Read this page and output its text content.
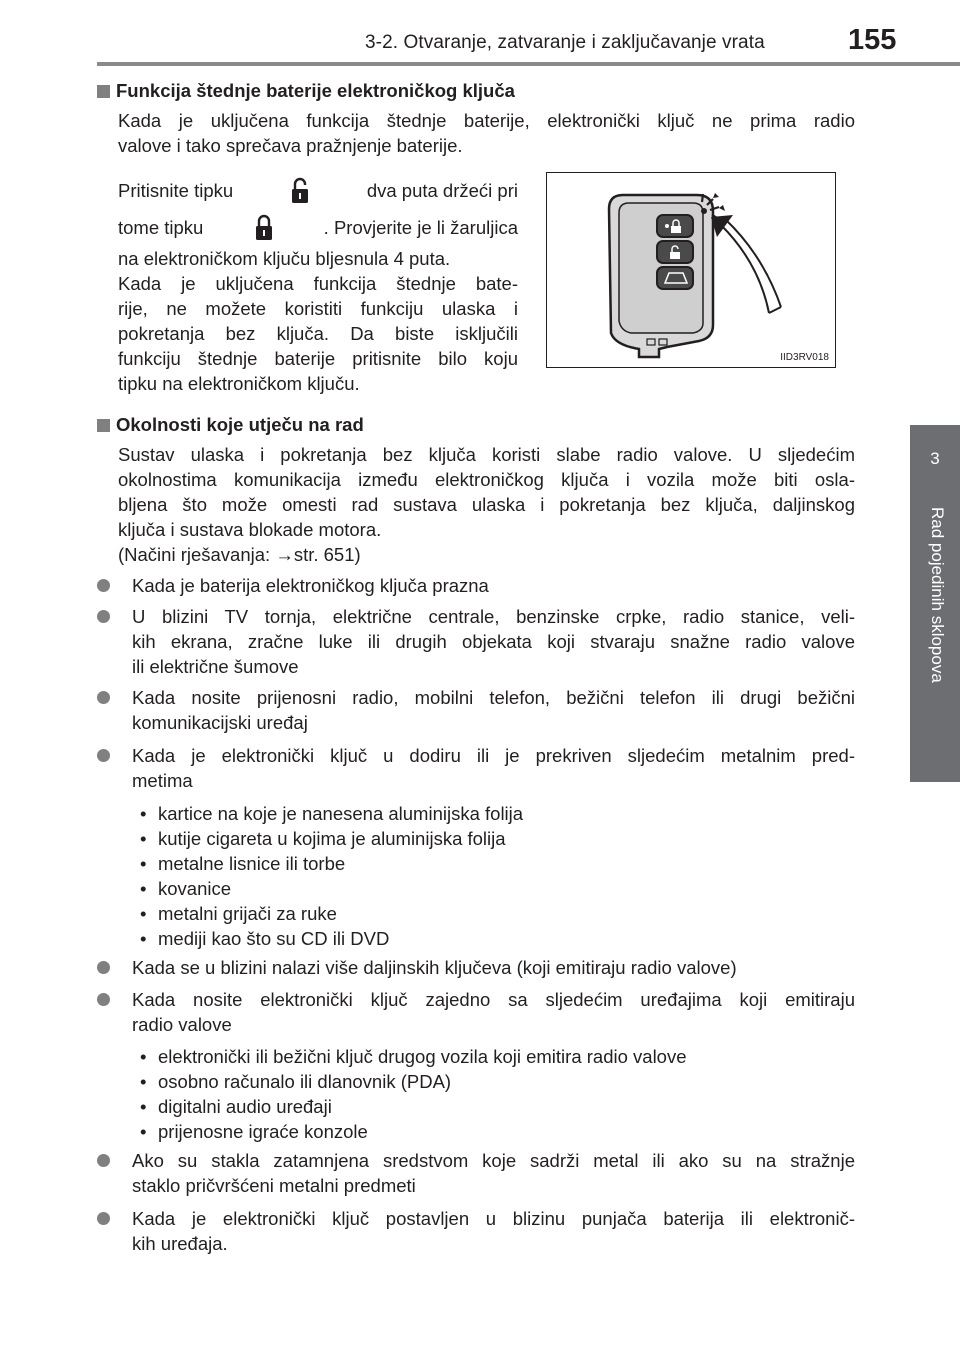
3-2. Otvaranje, zatvaranje i zaključavanje vrata	155
3
Rad pojedinih sklopova
Funkcija štednje baterije elektroničkog ključa
Kada je uključena funkcija štednje baterije, elektronički ključ ne prima radio
valove i tako sprečava pražnjenje baterije.
Pritisnite tipku	dva puta držeći pri
tome tipku	. Provjerite je li žaruljica
na elektroničkom ključu bljesnula 4 puta.
Kada je uključena funkcija štednje bate-
rije, ne možete koristiti funkciju ulaska i
pokretanja bez ključa. Da biste isključili
funkciju štednje baterije pritisnite bilo koju
tipku na elektroničkom ključu.
IID3RV018
Okolnosti koje utječu na rad
Sustav ulaska i pokretanja bez ključa koristi slabe radio valove. U sljedećim
okolnostima komunikacija između elektroničkog ključa i vozila može biti osla-
bljena što može omesti rad sustava ulaska i pokretanja bez ključa, daljinskog
ključa i sustava blokade motora.
(Načini rješavanja: →str. 651)
Kada je baterija elektroničkog ključa prazna
U blizini TV tornja, električne centrale, benzinske crpke, radio stanice, veli-
kih ekrana, zračne luke ili drugih objekata koji stvaraju snažne radio valove
ili električne šumove
Kada nosite prijenosni radio, mobilni telefon, bežični telefon ili drugi bežični
komunikacijski uređaj
Kada je elektronički ključ u dodiru ili je prekriven sljedećim metalnim pred-
metima
• kartice na koje je nanesena aluminijska folija
• kutije cigareta u kojima je aluminijska folija
• metalne lisnice ili torbe
• kovanice
• metalni grijači za ruke
• mediji kao što su CD ili DVD
Kada se u blizini nalazi više daljinskih ključeva (koji emitiraju radio valove)
Kada nosite elektronički ključ zajedno sa sljedećim uređajima koji emitiraju
radio valove
• elektronički ili bežični ključ drugog vozila koji emitira radio valove
• osobno računalo ili dlanovnik (PDA)
• digitalni audio uređaji
• prijenosne igraće konzole
Ako su stakla zatamnjena sredstvom koje sadrži metal ili ako su na stražnje
staklo pričvršćeni metalni predmeti
Kada je elektronički ključ postavljen u blizinu punjača baterija ili elektronič-
kih uređaja.
